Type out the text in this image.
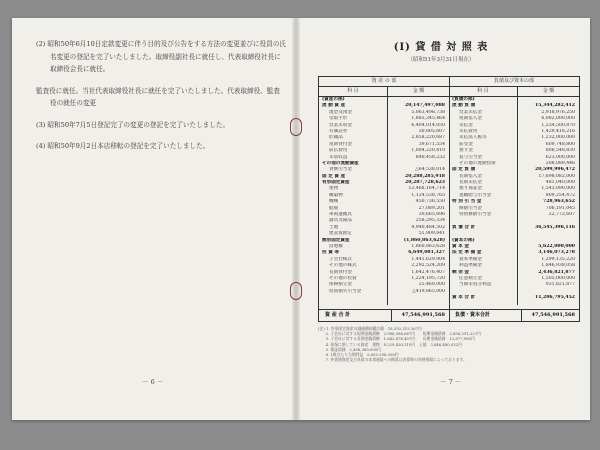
(2) 昭和50年6月10日定款変更に伴う目的及び公告をする方法の変更並びに役員の氏名変更の登記を完了いたしました。取締役副社長に就任し、代表取締役社長に取締役会長に就任。

監査役に就任。当社代表取締役社長に就任を完了いたしました。代表取締役、監査役の就任の変更

(3) 昭和50年7月5日登記完了の変更の登記を完了いたしました。

(4) 昭和50年9月2日本店移転の登記を完了いたしました。

－ 6 －

(Ⅰ) 貸 借 対 照 表

（昭和51年3月31日現在）

資 産 の 部
科 目	金 額
(資産の部)
流 動 資 産	20,147,497,088
現金及預金	5,063,498,738
受取手形	1,883,345,464
営業未収金	6,404,014,050
有価証券	30,805,607
貯蔵品	2,858,220,687
短期貸付金	39,671,554
前払費用	1,004,220,410
未収収益	840,458,232
その他の流動資産
貸倒引当金	△64,538,014
固 定 資 産	20,288,285,918
有形固定資産	20,287,728,623
建物	13,468,164,714
構築物	1,124,538,765
機械	450,736,550
船舶	27,089,201
車両運搬具	30,665,696
器具及備品	258,295,334
土地	4,940,484,502
建設仮勘定	51,909,841
無形固定資産	(1,860,863,628)
借地権	1,860,863,628
投 資 等	6,649,081,327
子会社株式	1,441,629,904
その他の株式	2,292,524,209
長期貸付金	1,642,476,407
その他の投資	1,224,195,720
保険積立金	25,469,000
投資損失引当金	△419,865,000
資 産 合 計	47,546,991,568
負債及び資本の部
科 目	金 額
(負債の部)
流 動 負 債	15,344,282,412
営業未払金	2,918,976,250
短期借入金	6,082,000,000
未払金	1,234,500,870
未払費用	1,429,418,216
未払法人税等	1,232,000,000
前受金	609,748,800
預り金	806,548,830
賞与引当金	623,000,000
その他の流動負債	208,089,446
固 定 負 債	20,599,996,472
長期借入金	17,698,082,000
長期未払金	481,040,000
預り保証金	1,543,090,000
退職給与引当金	809,254,472
特 別 引 当 金	728,963,652
修繕引当金	706,191,045
特別修繕引当金	22,772,607
負 債 合 計	36,545,396,116
(資本の部)
資 本 金	5,622,000,000
法 定 準 備 金	3,146,073,278
資本準備金	1,299,135,220
利益準備金	1,846,938,058
剰 余 金	2,436,821,877
任意積立金	1,505,000,000
当期未処分利益	931,821,877
資 本 合 計	11,206,795,452
負債・資本合計	47,546,991,568
(注) 1. 有形固定資産の減価償却累計額　18,392,315,267円
　　2. 子会社に対する短期金銭債権　2,986,384,667円　　短期金銭債務　2,856,391,227円
　　3. 子会社に対する長期金銭債権　1,642,476,407円　　長期金銭債務　12,877,960円
　　4. 担保に供している資産　建物　8,229,450,310円　土地　3,846,480,032円
　　5. 保証債務　2,458,380,000円
　　6. 1株当たり当期利益　5,635,296,558円
　　7. 外貨建資産及び負債の本邦通貨への換算は決算時の為替相場によっております。
－ 7 －
